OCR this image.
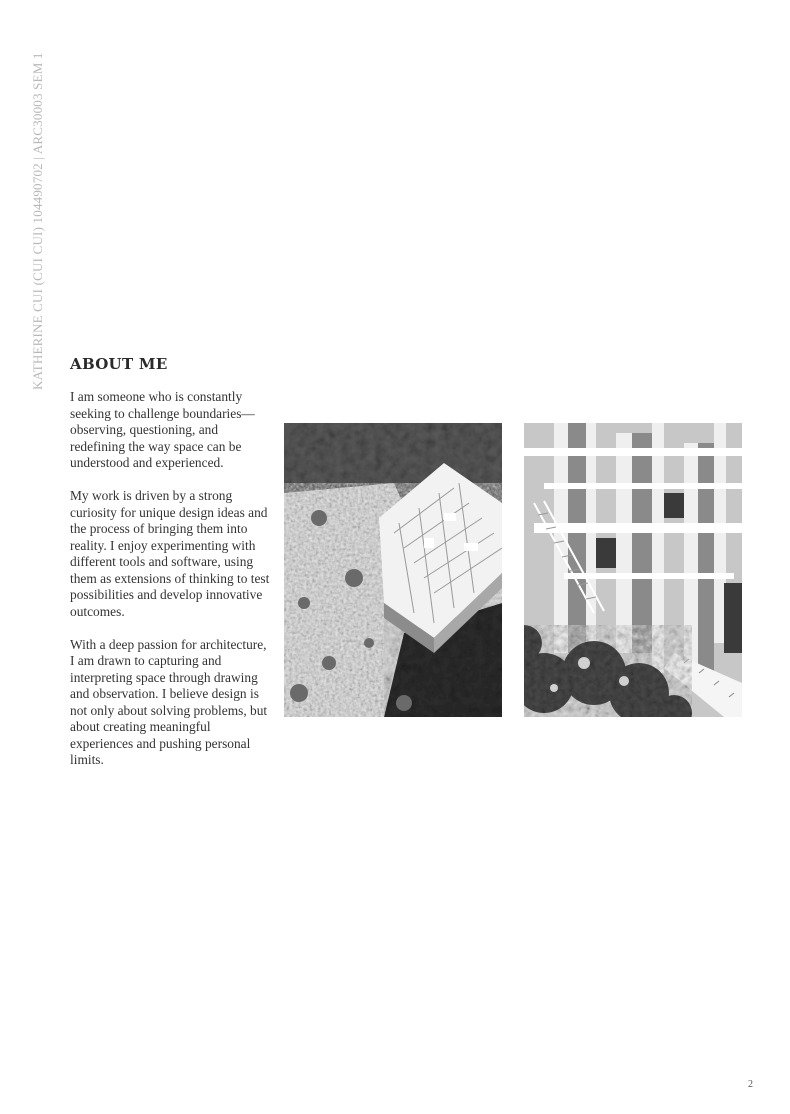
KATHERINE CUI (CUI CUI) 104490702 | ARC30003 SEM 1 ABOUT ME

I am someone who is constantly seeking to challenge boundaries—observing, questioning, and redefining the way space can be understood and experienced.

My work is driven by a strong curiosity for unique design ideas and the process of bringing them into reality. I enjoy experimenting with different tools and software, using them as extensions of thinking to test possibilities and develop innovative outcomes.

With a deep passion for architecture, I am drawn to capturing and interpreting space through drawing and observation. I believe design is not only about solving problems, but about creating meaningful experiences and pushing personal limits.

2
